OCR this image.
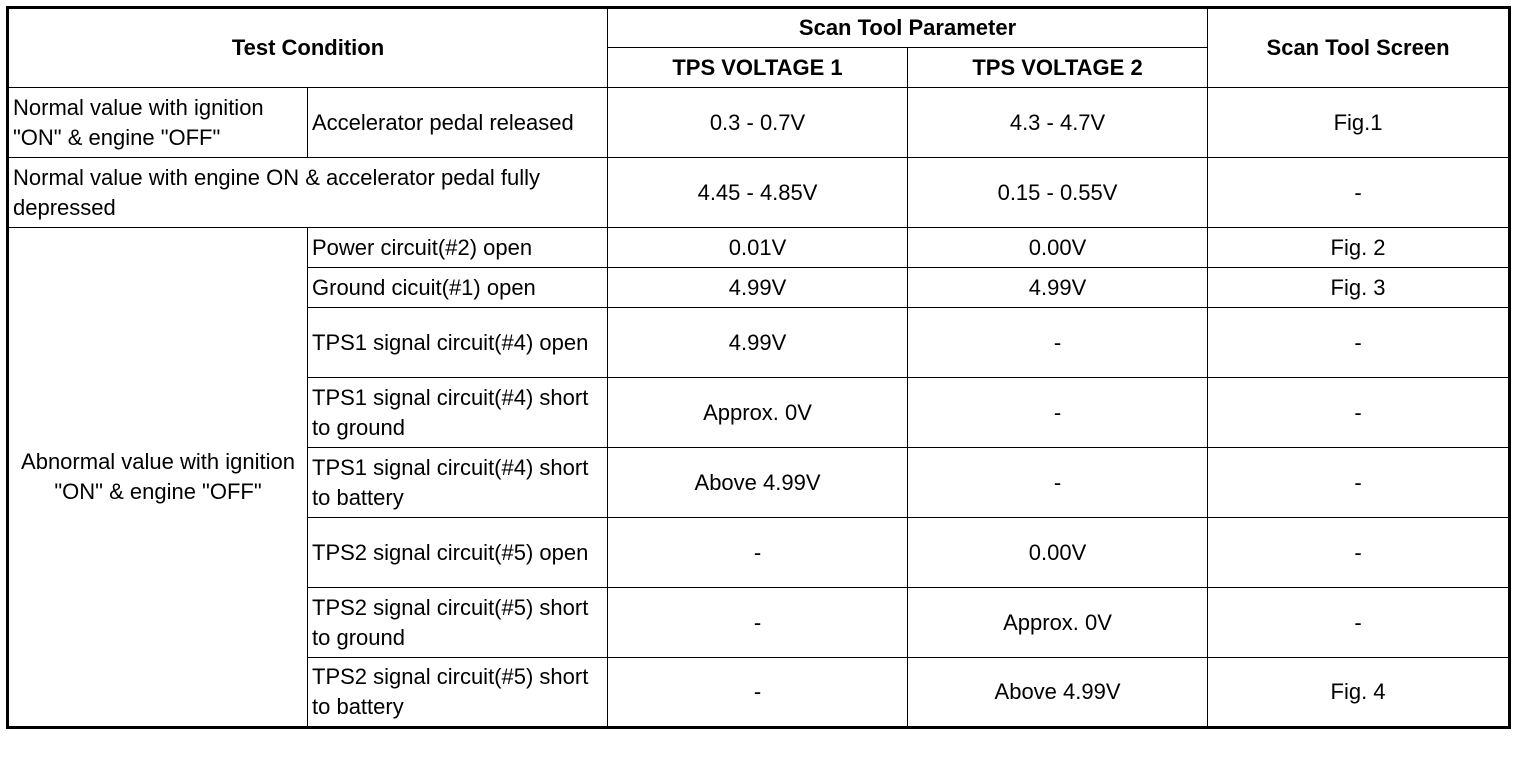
Test Condition		Scan Tool Parameter		Scan Tool Screen
		TPS VOLTAGE 1	TPS VOLTAGE 2	
Normal value with ignition "ON" & engine "OFF"	Accelerator pedal released	0.3 - 0.7V	4.3 - 4.7V	Fig.1
Normal value with engine ON & accelerator pedal fully depressed		4.45 - 4.85V	0.15 - 0.55V	-
Abnormal value with ignition "ON" & engine "OFF"	Power circuit(#2) open	0.01V	0.00V	Fig. 2
	Ground cicuit(#1) open	4.99V	4.99V	Fig. 3
	TPS1 signal circuit(#4) open	4.99V	-	-
	TPS1 signal circuit(#4) short to ground	Approx. 0V	-	-
	TPS1 signal circuit(#4) short to battery	Above 4.99V	-	-
	TPS2 signal circuit(#5) open	-	0.00V	-
	TPS2 signal circuit(#5) short to ground	-	Approx. 0V	-
	TPS2 signal circuit(#5) short to battery	-	Above 4.99V	Fig. 4
